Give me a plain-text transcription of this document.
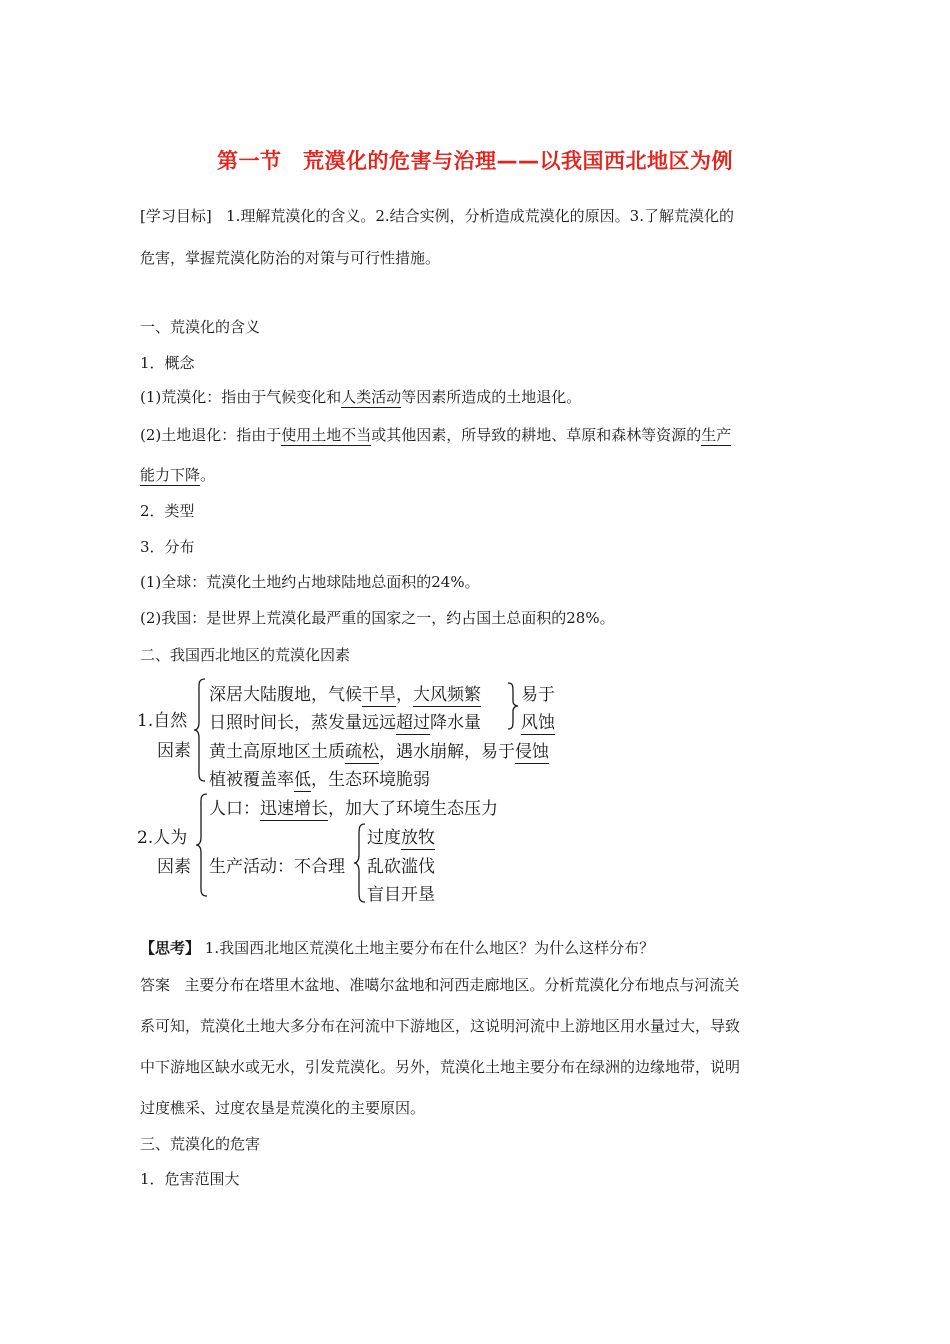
第一节　荒漠化的危害与治理——以我国西北地区为例
[学习目标] 1.理解荒漠化的含义。2.结合实例，分析造成荒漠化的原因。3.了解荒漠化的
危害，掌握荒漠化防治的对策与可行性措施。
一、荒漠化的含义
1．概念
(1)荒漠化：指由于气候变化和人类活动等因素所造成的土地退化。
(2)土地退化：指由于使用土地不当或其他因素，所导致的耕地、草原和森林等资源的生产
能力下降。
2．类型
3．分布
(1)全球：荒漠化土地约占地球陆地总面积的24%。
(2)我国：是世界上荒漠化最严重的国家之一，约占国土总面积的28%。
二、我国西北地区的荒漠化因素
1.自然
因素
深居大陆腹地，气候干旱，大风频繁
日照时间长，蒸发量远远超过降水量
黄土高原地区土质疏松，遇水崩解，易于侵蚀
植被覆盖率低，生态环境脆弱
易于
风蚀
2.人为
因素
人口：迅速增长，加大了环境生态压力
生产活动：不合理
过度放牧
乱砍滥伐
盲目开垦
【思考】 1.我国西北地区荒漠化土地主要分布在什么地区？为什么这样分布？
答案 主要分布在塔里木盆地、准噶尔盆地和河西走廊地区。分析荒漠化分布地点与河流关
系可知，荒漠化土地大多分布在河流中下游地区，这说明河流中上游地区用水量过大，导致
中下游地区缺水或无水，引发荒漠化。另外，荒漠化土地主要分布在绿洲的边缘地带，说明
过度樵采、过度农垦是荒漠化的主要原因。
三、荒漠化的危害
1．危害范围大
